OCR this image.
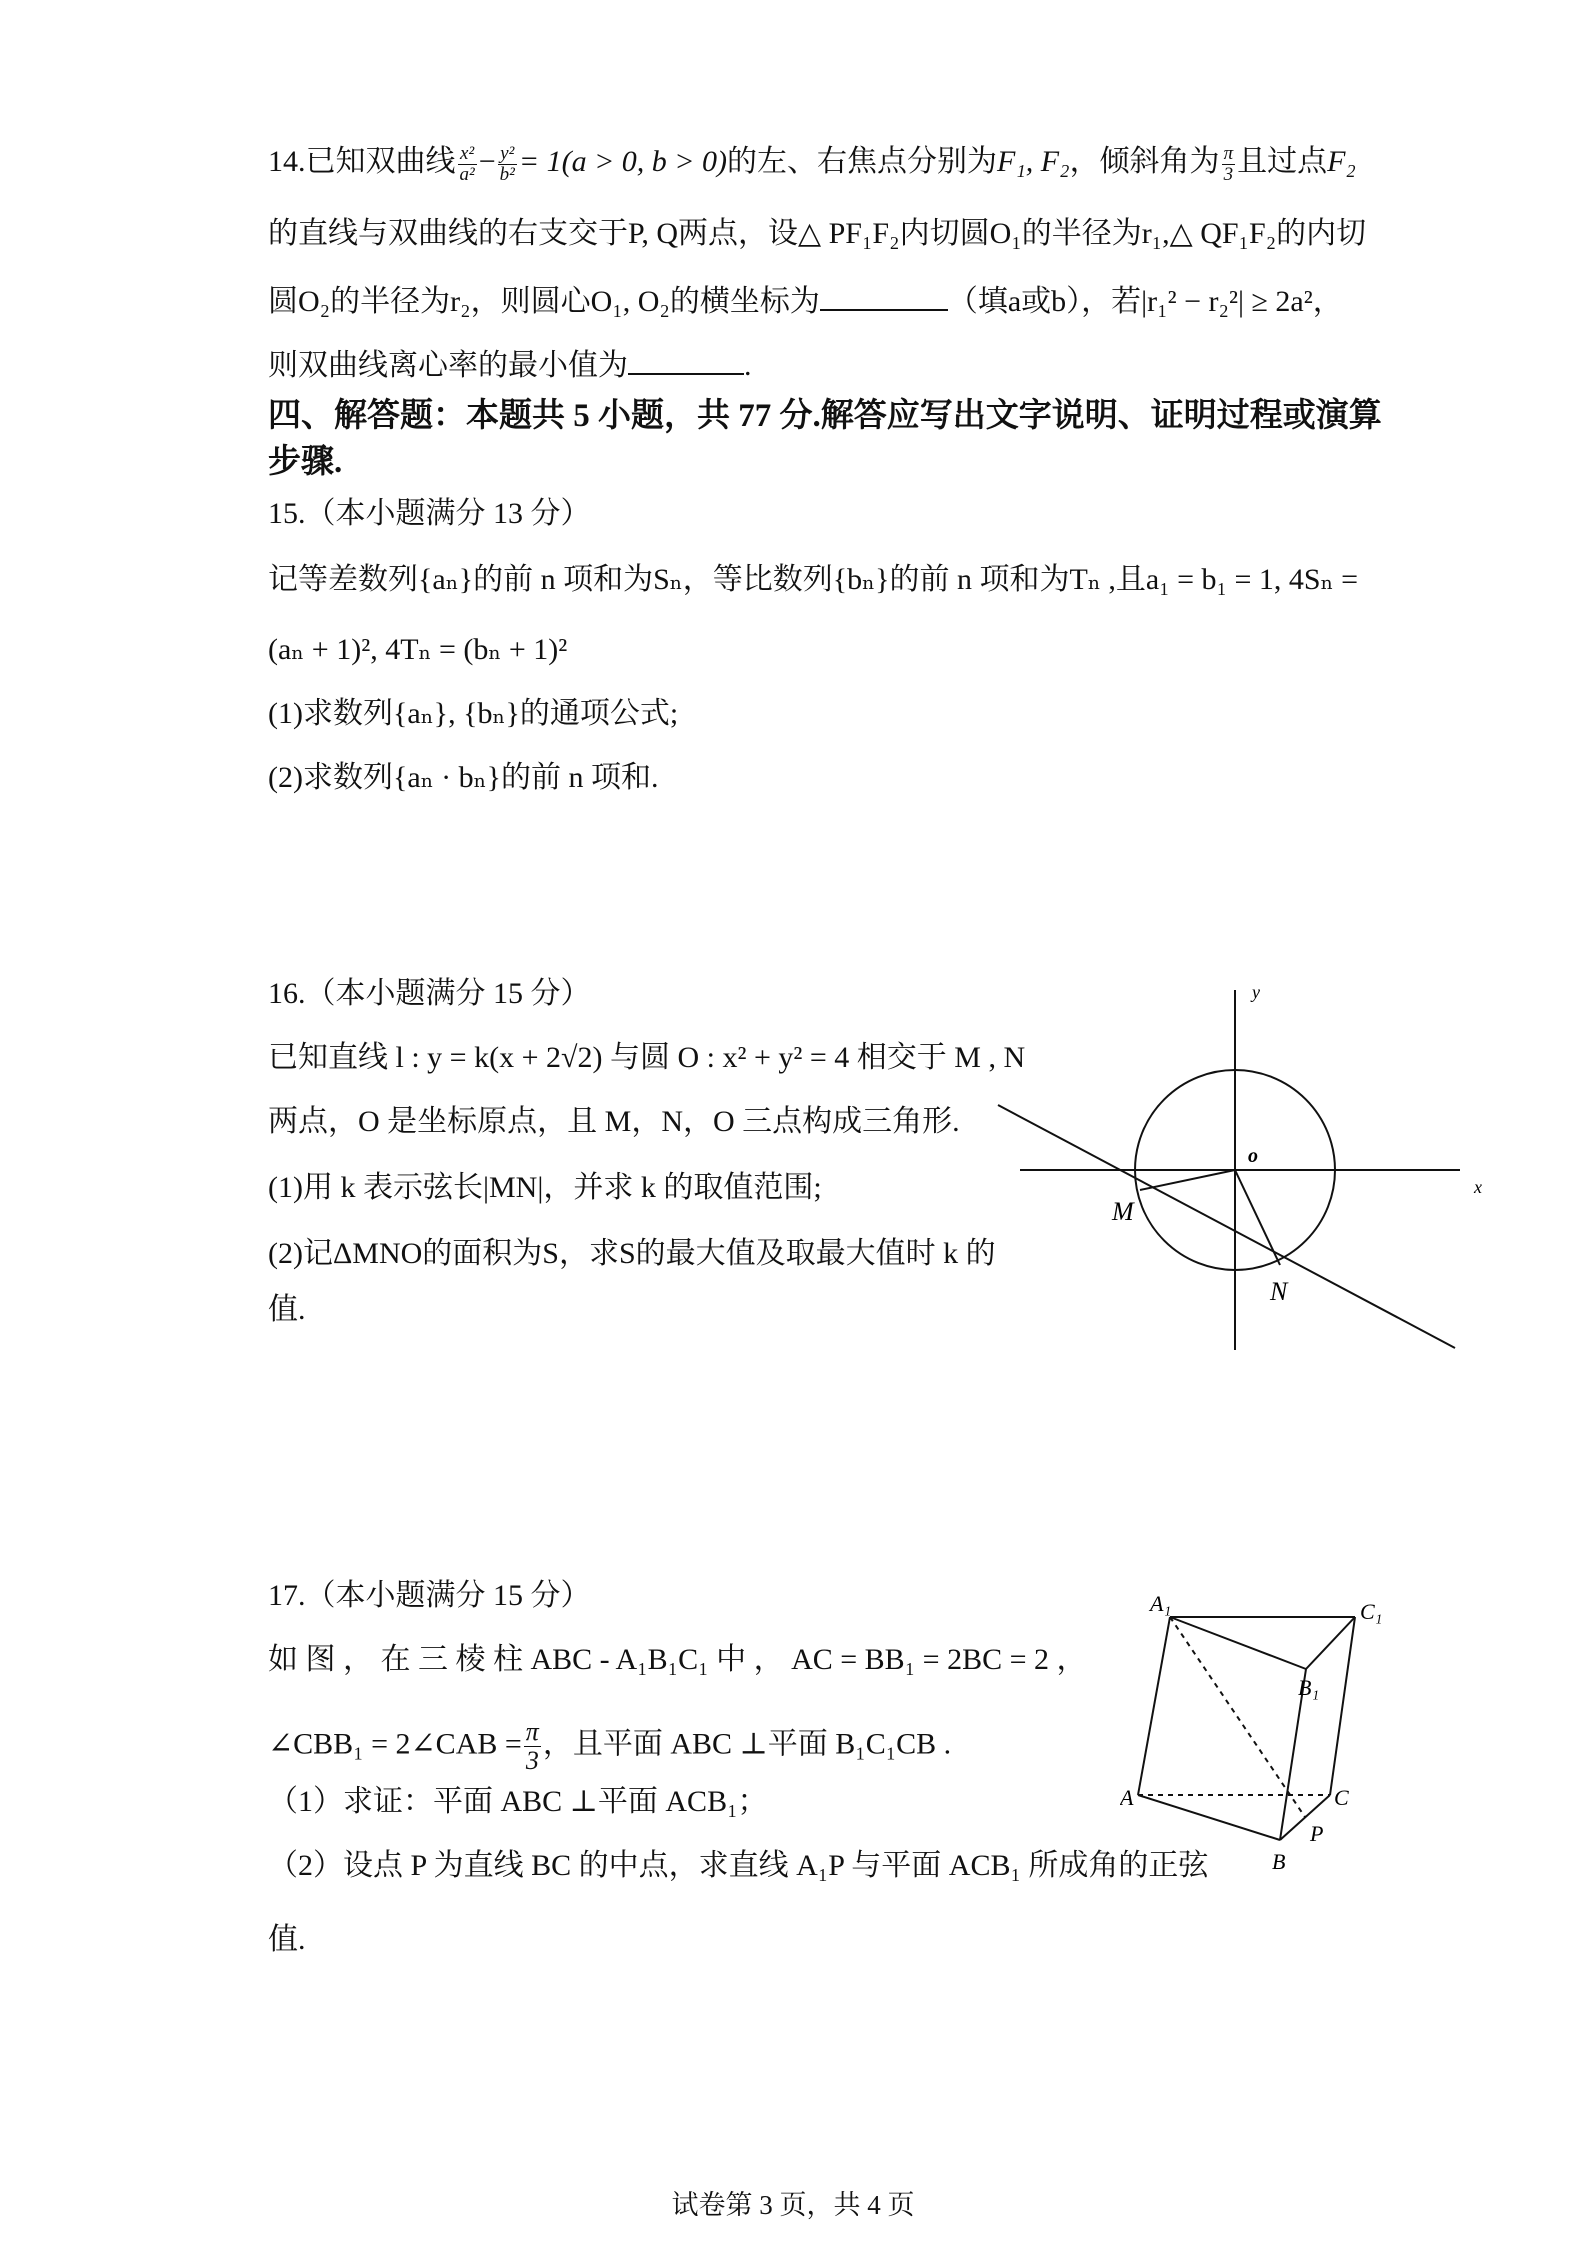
14.已知双曲线 $\frac{\text{x²}}{\text{a²}} - \frac{\text{y²}}{\text{b²}} = 1(a > 0$, b > 0)的左、右焦点分别为F₁, F₂，倾斜角为 $\frac{\pi}{3}$ 且过点F₂
的直线与双曲线的右支交于P, Q两点，设△ PF₁F₂内切圆O₁的半径为r₁,△ QF₁F₂的内切
圆O₂的半径为r₂，则圆心O₁, O₂的横坐标为	（填a或b），若|r₁² − r₂²| ≥ 2a²，
则双曲线离心率的最小值为	.
四、解答题：本题共 5 小题，共 77 分.解答应写出文字说明、证明过程或演算
步骤.
15.（本小题满分 13 分）
记等差数列{aₙ}的前 n 项和为Sₙ，等比数列{bₙ}的前 n 项和为Tₙ ,且a₁ = b₁ = 1, 4Sₙ =
(aₙ + 1)², 4Tₙ = (bₙ + 1)²
(1)求数列{aₙ}, {bₙ}的通项公式;
(2)求数列{aₙ · bₙ}的前 n 项和.
16.（本小题满分 15 分）
已知直线 l : y = k(x + 2√2) 与圆 O : x² + y² = 4 相交于 M , N
两点，O 是坐标原点，且 M，N，O 三点构成三角形.
(1)用 k 表示弦长|MN|，并求 k 的取值范围;
(2)记ΔMNO的面积为S，求S的最大值及取最大值时 k 的
值.
y
x
o
M
N
17.（本小题满分 15 分）
如 图 ， 在 三 棱 柱 ABC - A₁B₁C₁ 中 ， AC = BB₁ = 2BC = 2 ，
∠CBB₁ = 2∠CAB = $\frac{\pi}{3}$ ，且平面 ABC ⊥平面 B₁C₁CB .
（1）求证：平面 ABC ⊥平面 ACB₁；
（2）设点 P 为直线 BC 的中点，求直线 A₁P 与平面 ACB₁ 所成角的正弦
值.
A₁	C₁
B₁
A	C
P
B
试卷第 3 页，共 4 页
